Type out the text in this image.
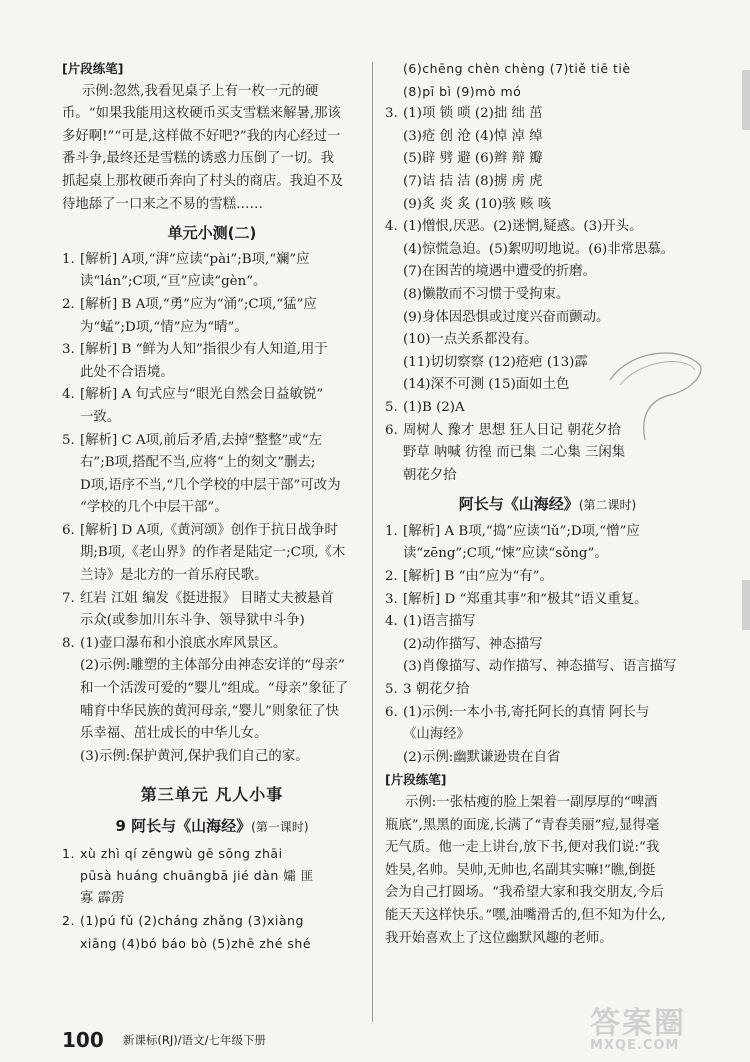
[片段练笔]
示例:忽然,我看见桌子上有一枚一元的硬
币。“如果我能用这枚硬币买支雪糕来解暑,那该
多好啊!”“可是,这样做不好吧?”我的内心经过一
番斗争,最终还是雪糕的诱惑力压倒了一切。我
抓起桌上那枚硬币奔向了村头的商店。我迫不及
待地舔了一口来之不易的雪糕……
单元小测(二)
1. [解析] A项,“湃”应读“pài”;B项,“斓”应
读“lán”;C项,“亘”应读“gèn”。
2. [解析] B A项,“勇”应为“涌”;C项,“猛”应
为“蜢”;D项,“情”应为“晴”。
3. [解析] B “鲜为人知”指很少有人知道,用于
此处不合语境。
4. [解析] A 句式应与“眼光自然会日益敏锐”
一致。
5. [解析] C A项,前后矛盾,去掉“整整”或“左
右”;B项,搭配不当,应将“上的刻文”删去;
D项,语序不当,“几个学校的中层干部”可改为
“学校的几个中层干部”。
6. [解析] D A项,《黄河颂》创作于抗日战争时
期;B项,《老山界》的作者是陆定一;C项,《木
兰诗》是北方的一首乐府民歌。
7. 红岩 江姐 编发《挺进报》 目睹丈夫被悬首
示众(或参加川东斗争、领导狱中斗争)
8. (1)壶口瀑布和小浪底水库风景区。
(2)示例:雕塑的主体部分由神态安详的“母亲”
和一个活泼可爱的“婴儿”组成。“母亲”象征了
哺育中华民族的黄河母亲,“婴儿”则象征了快
乐幸福、茁壮成长的中华儿女。
(3)示例:保护黄河,保护我们自己的家。
第三单元 凡人小事
9 阿长与《山海经》(第一课时)
1. xù zhì qí zēngwù gē sōng zhāi
pūsà huáng chuāngbā jié dàn 孀 匪
寡 霹雳
2. (1)pú fǔ (2)cháng zhǎng (3)xiàng
xiāng (4)bó báo bò (5)zhē zhé shé
(6)chēng chèn chèng (7)tiě tiē tiè
(8)pī bì (9)mò mó
3. (1)项 锁 唢 (2)拙 绌 茁
(3)疮 创 沧 (4)悼 淖 绰
(5)辟 劈 避 (6)辫 辩 瓣
(7)诘 拮 洁 (8)掳 虏 虎
(9)炙 炎 炙 (10)骇 赅 咳
4. (1)憎恨,厌恶。(2)迷惘,疑惑。(3)开头。
(4)惊慌急迫。(5)絮叨叨地说。(6)非常思慕。
(7)在困苦的境遇中遭受的折磨。
(8)懒散而不习惯于受拘束。
(9)身体因恐惧或过度兴奋而颤动。
(10)一点关系都没有。
(11)切切察察 (12)疮疤 (13)霹
(14)深不可测 (15)面如土色
5. (1)B (2)A
6. 周树人 豫才 思想 狂人日记 朝花夕拾
野草 呐喊 彷徨 而已集 二心集 三闲集
朝花夕拾
阿长与《山海经》(第二课时)
1. [解析] A B项,“捣”应读“lǔ”;D项,“憎”应
读“zēng”;C项,“悚”应读“sǒng”。
2. [解析] B “由”应为“有”。
3. [解析] D “郑重其事”和“极其”语义重复。
4. (1)语言描写
(2)动作描写、神态描写
(3)肖像描写、动作描写、神态描写、语言描写
5. 3 朝花夕拾
6. (1)示例:一本小书,寄托阿长的真情 阿长与
《山海经》
(2)示例:幽默谦逊贵在自省
[片段练笔]
示例:一张枯瘦的脸上架着一副厚厚的“啤酒
瓶底”,黑黑的面庞,长满了“青春美丽”痘,显得毫
无气质。他一走上讲台,放下书,便对我们说:“我
姓吴,名帅。吴帅,无帅也,名副其实嘛!”瞧,倒挺
会为自己打圆场。“我希望大家和我交朋友,今后
能天天这样快乐。”嘿,油嘴滑舌的,但不知为什么,
我开始喜欢上了这位幽默风趣的老师。
100 新课标(RJ)/语文/七年级下册	答案圈
MXQE.COM
